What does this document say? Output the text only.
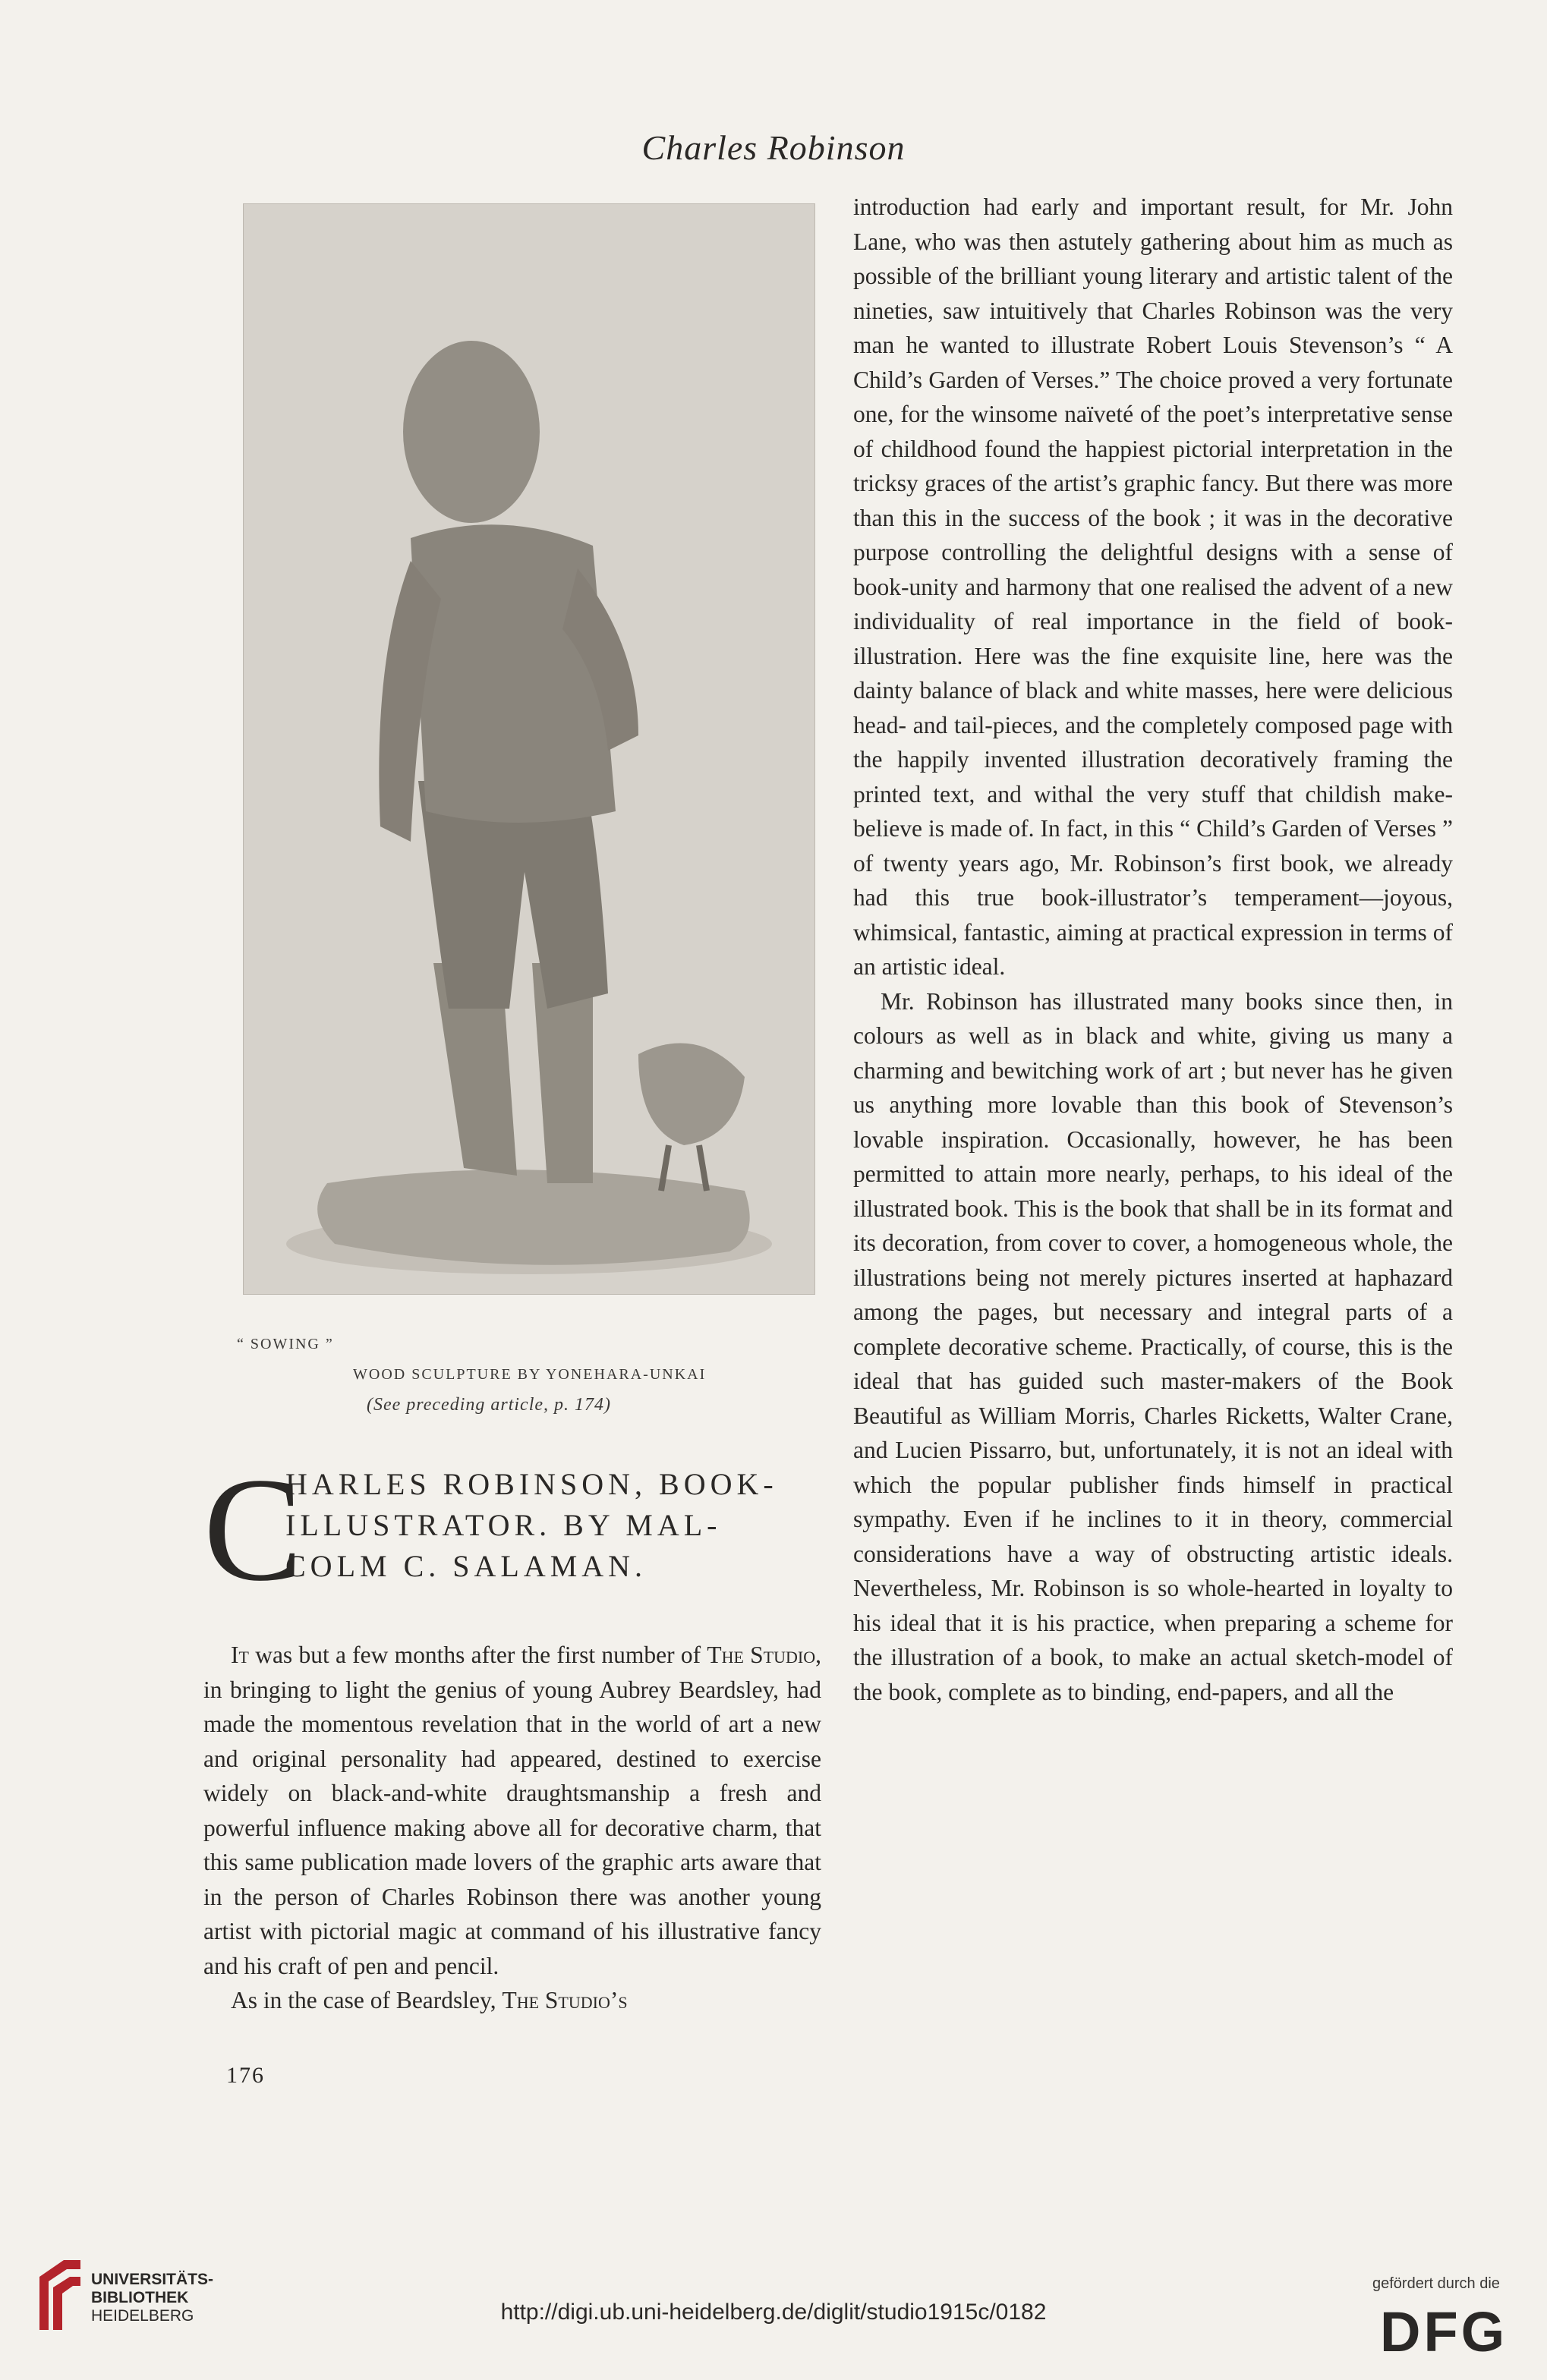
Charles Robinson
“ SOWING ”
WOOD SCULPTURE BY YONEHARA-UNKAI
(See preceding article, p. 174)
C
HARLES ROBINSON, BOOK-
ILLUSTRATOR. BY MAL-
COLM C. SALAMAN.

It was but a few months after the first number of The Studio, in bringing to light the genius of young Aubrey Beardsley, had made the momentous revelation that in the world of art a new and original personality had appeared, destined to exercise widely on black-and-white draughtsmanship a fresh and powerful influence making above all for decorative charm, that this same publication made lovers of the graphic arts aware that in the person of Charles Robinson there was another young artist with pictorial magic at command of his illustrative fancy and his craft of pen and pencil.

As in the case of Beardsley, The Studio’s

176

introduction had early and important result, for Mr. John Lane, who was then astutely gathering about him as much as possible of the brilliant young literary and artistic talent of the nineties, saw intuitively that Charles Robinson was the very man he wanted to illustrate Robert Louis Stevenson’s “ A Child’s Garden of Verses.” The choice proved a very fortunate one, for the winsome naïveté of the poet’s interpretative sense of childhood found the happiest pictorial interpretation in the tricksy graces of the artist’s graphic fancy. But there was more than this in the success of the book ; it was in the decorative purpose controlling the delightful designs with a sense of book-unity and harmony that one realised the advent of a new individuality of real importance in the field of book-illustration. Here was the fine exquisite line, here was the dainty balance of black and white masses, here were delicious head- and tail-pieces, and the completely composed page with the happily invented illustration decoratively framing the printed text, and withal the very stuff that childish make-believe is made of. In fact, in this “ Child’s Garden of Verses ” of twenty years ago, Mr. Robinson’s first book, we already had this true book-illustrator’s temperament—joyous, whimsical, fantastic, aiming at practical expression in terms of an artistic ideal.

Mr. Robinson has illustrated many books since then, in colours as well as in black and white, giving us many a charming and bewitching work of art ; but never has he given us anything more lovable than this book of Stevenson’s lovable inspiration. Occasionally, however, he has been permitted to attain more nearly, perhaps, to his ideal of the illustrated book. This is the book that shall be in its format and its decoration, from cover to cover, a homogeneous whole, the illustrations being not merely pictures inserted at haphazard among the pages, but necessary and integral parts of a complete decorative scheme. Practically, of course, this is the ideal that has guided such master-makers of the Book Beautiful as William Morris, Charles Ricketts, Walter Crane, and Lucien Pissarro, but, unfortunately, it is not an ideal with which the popular publisher finds himself in practical sympathy. Even if he inclines to it in theory, commercial considerations have a way of obstructing artistic ideals. Nevertheless, Mr. Robinson is so whole-hearted in loyalty to his ideal that it is his practice, when preparing a scheme for the illustration of a book, to make an actual sketch-model of the book, complete as to binding, end-papers, and all the

UNIVERSITÄTS-
BIBLIOTHEK
HEIDELBERG	http://digi.ub.uni-heidelberg.de/diglit/studio1915c/0182
gefördert durch die
DFG
